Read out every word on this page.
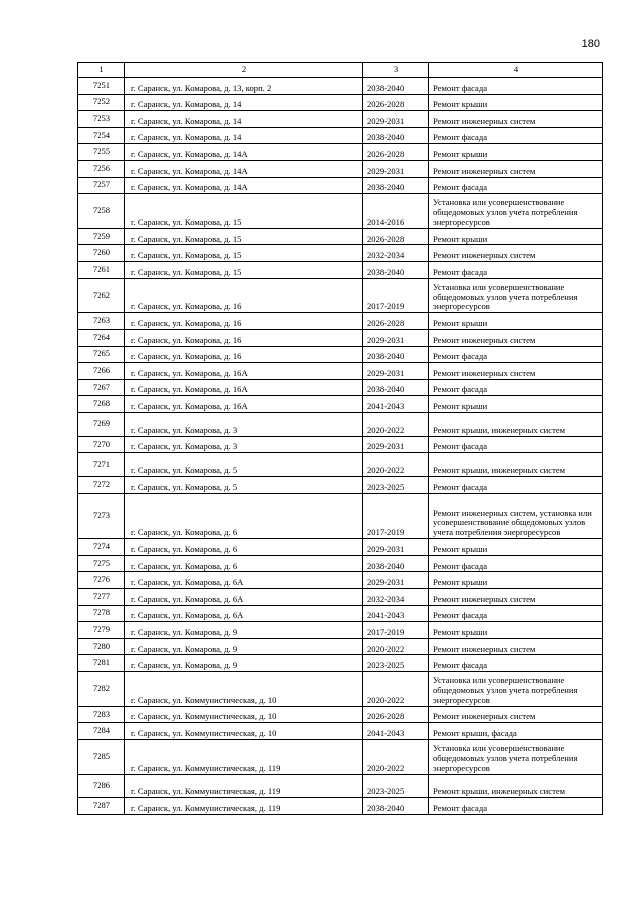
180
1	2	3	4
7251	г. Саранск, ул. Комарова, д. 13, корп. 2	2038-2040	Ремонт фасада
7252	г. Саранск, ул. Комарова, д. 14	2026-2028	Ремонт крыши
7253	г. Саранск, ул. Комарова, д. 14	2029-2031	Ремонт инженерных систем
7254	г. Саранск, ул. Комарова, д. 14	2038-2040	Ремонт фасада
7255	г. Саранск, ул. Комарова, д. 14А	2026-2028	Ремонт крыши
7256	г. Саранск, ул. Комарова, д. 14А	2029-2031	Ремонт инженерных систем
7257	г. Саранск, ул. Комарова, д. 14А	2038-2040	Ремонт фасада
7258	г. Саранск, ул. Комарова, д. 15	2014-2016	Установка или усовершенствование общедомовых узлов учета потребления энергоресурсов
7259	г. Саранск, ул. Комарова, д. 15	2026-2028	Ремонт крыши
7260	г. Саранск, ул. Комарова, д. 15	2032-2034	Ремонт инженерных систем
7261	г. Саранск, ул. Комарова, д. 15	2038-2040	Ремонт фасада
7262	г. Саранск, ул. Комарова, д. 16	2017-2019	Установка или усовершенствование общедомовых узлов учета потребления энергоресурсов
7263	г. Саранск, ул. Комарова, д. 16	2026-2028	Ремонт крыши
7264	г. Саранск, ул. Комарова, д. 16	2029-2031	Ремонт инженерных систем
7265	г. Саранск, ул. Комарова, д. 16	2038-2040	Ремонт фасада
7266	г. Саранск, ул. Комарова, д. 16А	2029-2031	Ремонт инженерных систем
7267	г. Саранск, ул. Комарова, д. 16А	2038-2040	Ремонт фасада
7268	г. Саранск, ул. Комарова, д. 16А	2041-2043	Ремонт крыши
7269	г. Саранск, ул. Комарова, д. 3	2020-2022	Ремонт крыши, инженерных систем
7270	г. Саранск, ул. Комарова, д. 3	2029-2031	Ремонт фасада
7271	г. Саранск, ул. Комарова, д. 5	2020-2022	Ремонт крыши, инженерных систем
7272	г. Саранск, ул. Комарова, д. 5	2023-2025	Ремонт фасада
7273	г. Саранск, ул. Комарова, д. 6	2017-2019	Ремонт инженерных систем, установка или усовершенствование общедомовых узлов учета потребления энергоресурсов
7274	г. Саранск, ул. Комарова, д. 6	2029-2031	Ремонт крыши
7275	г. Саранск, ул. Комарова, д. 6	2038-2040	Ремонт фасада
7276	г. Саранск, ул. Комарова, д. 6А	2029-2031	Ремонт крыши
7277	г. Саранск, ул. Комарова, д. 6А	2032-2034	Ремонт инженерных систем
7278	г. Саранск, ул. Комарова, д. 6А	2041-2043	Ремонт фасада
7279	г. Саранск, ул. Комарова, д. 9	2017-2019	Ремонт крыши
7280	г. Саранск, ул. Комарова, д. 9	2020-2022	Ремонт инженерных систем
7281	г. Саранск, ул. Комарова, д. 9	2023-2025	Ремонт фасада
7282	г. Саранск, ул. Коммунистическая, д. 10	2020-2022	Установка или усовершенствование общедомовых узлов учета потребления энергоресурсов
7283	г. Саранск, ул. Коммунистическая, д. 10	2026-2028	Ремонт инженерных систем
7284	г. Саранск, ул. Коммунистическая, д. 10	2041-2043	Ремонт крыши, фасада
7285	г. Саранск, ул. Коммунистическая, д. 119	2020-2022	Установка или усовершенствование общедомовых узлов учета потребления энергоресурсов
7286	г. Саранск, ул. Коммунистическая, д. 119	2023-2025	Ремонт крыши, инженерных систем
7287	г. Саранск, ул. Коммунистическая, д. 119	2038-2040	Ремонт фасада
